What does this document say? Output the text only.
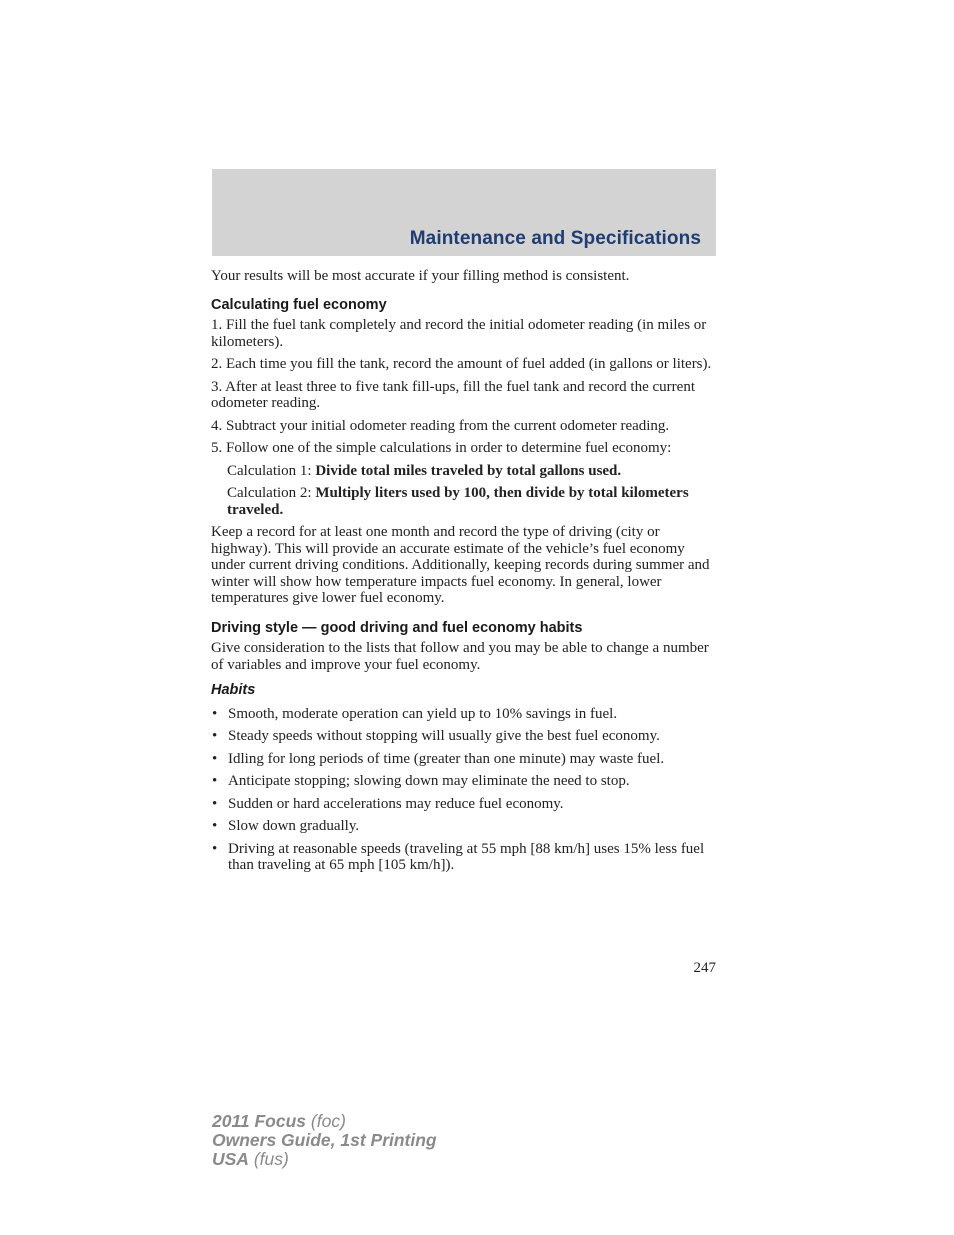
Maintenance and Specifications

Your results will be most accurate if your filling method is consistent.

Calculating fuel economy

1. Fill the fuel tank completely and record the initial odometer reading (in miles or kilometers).

2. Each time you fill the tank, record the amount of fuel added (in gallons or liters).

3. After at least three to five tank fill-ups, fill the fuel tank and record the current odometer reading.

4. Subtract your initial odometer reading from the current odometer reading.

5. Follow one of the simple calculations in order to determine fuel economy:

Calculation 1: Divide total miles traveled by total gallons used.

Calculation 2: Multiply liters used by 100, then divide by total kilometers traveled.

Keep a record for at least one month and record the type of driving (city or highway). This will provide an accurate estimate of the vehicle’s fuel economy under current driving conditions. Additionally, keeping records during summer and winter will show how temperature impacts fuel economy. In general, lower temperatures give lower fuel economy.

Driving style — good driving and fuel economy habits

Give consideration to the lists that follow and you may be able to change a number of variables and improve your fuel economy.

Habits

• Smooth, moderate operation can yield up to 10% savings in fuel.
• Steady speeds without stopping will usually give the best fuel economy.
• Idling for long periods of time (greater than one minute) may waste fuel.
• Anticipate stopping; slowing down may eliminate the need to stop.
• Sudden or hard accelerations may reduce fuel economy.
• Slow down gradually.
• Driving at reasonable speeds (traveling at 55 mph [88 km/h] uses 15% less fuel than traveling at 65 mph [105 km/h]).
247
2011 Focus (foc)
Owners Guide, 1st Printing
USA (fus)
